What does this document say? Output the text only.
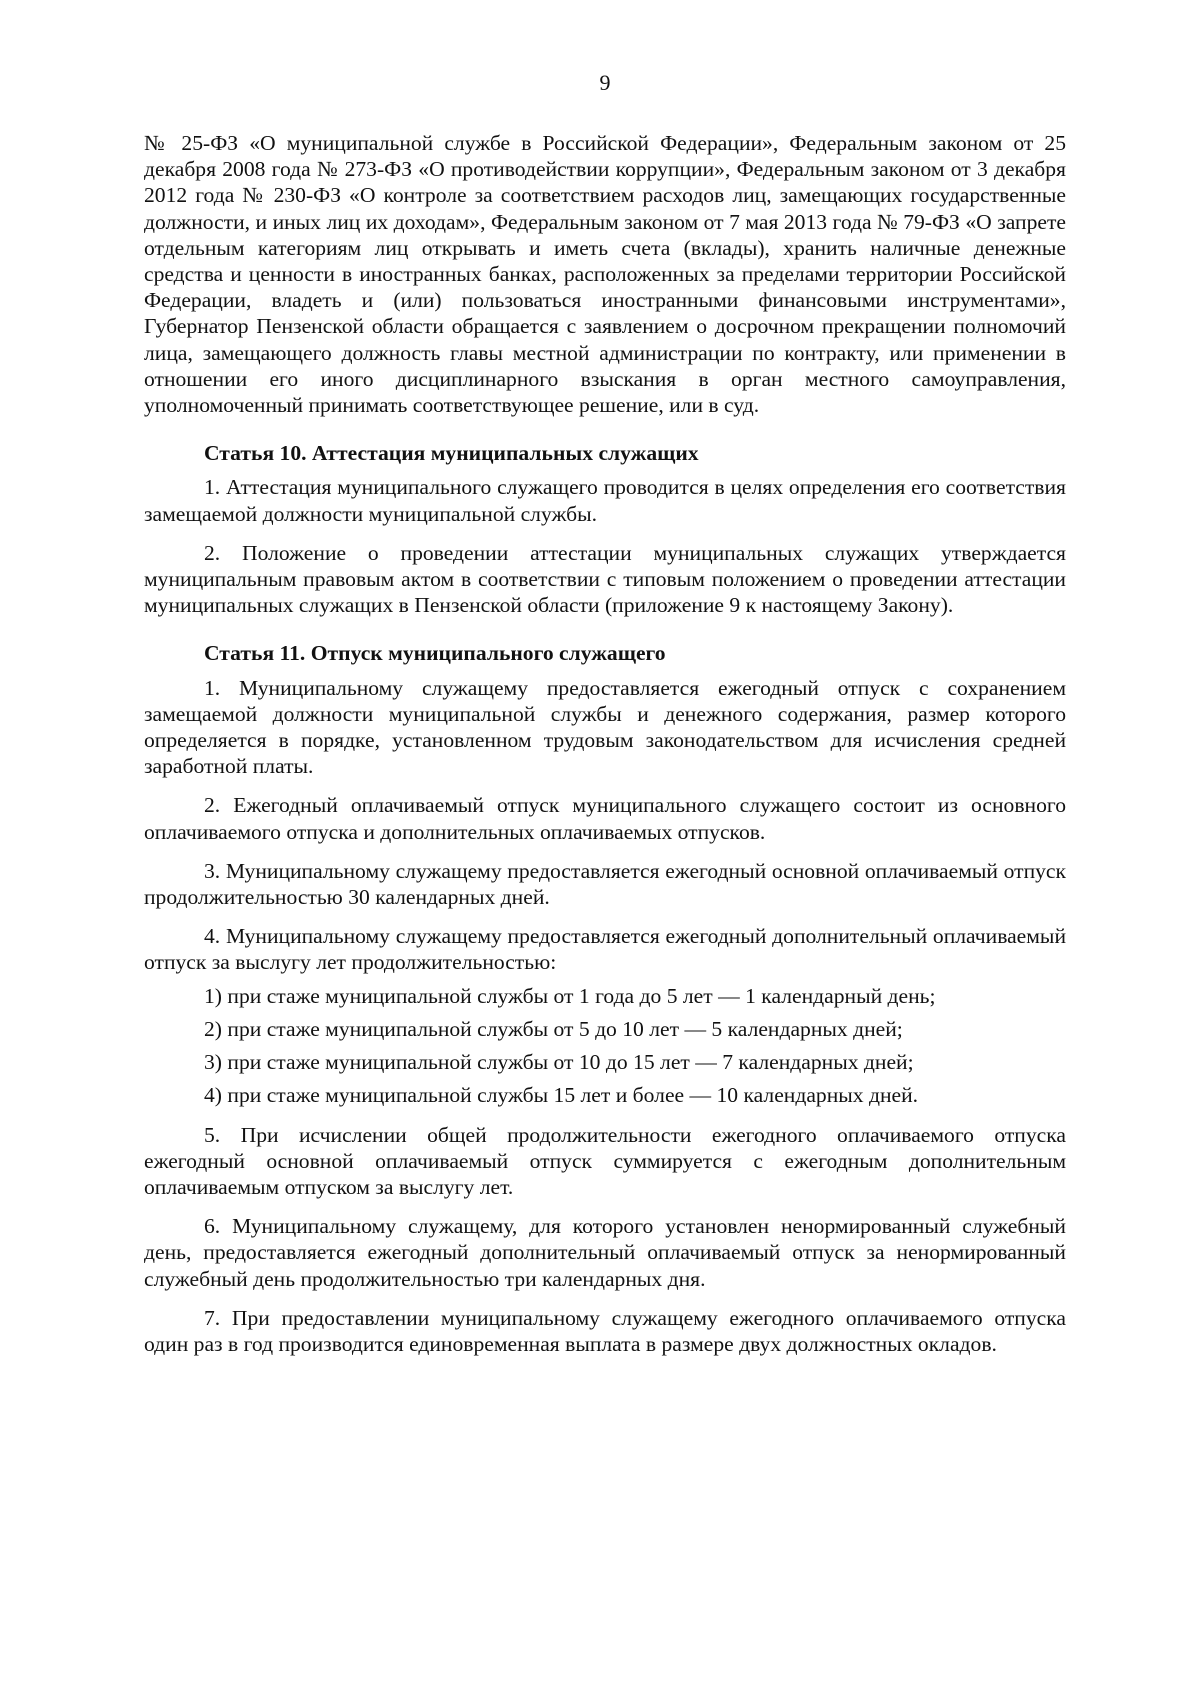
9

№ 25-ФЗ «О муниципальной службе в Российской Федерации», Федеральным законом от 25 декабря 2008 года № 273-ФЗ «О противодействии коррупции», Федеральным законом от 3 декабря 2012 года № 230-ФЗ «О контроле за соответствием расходов лиц, замещающих государственные должности, и иных лиц их доходам», Федеральным законом от 7 мая 2013 года № 79-ФЗ «О запрете отдельным категориям лиц открывать и иметь счета (вклады), хранить наличные денежные средства и ценности в иностранных банках, расположенных за пределами территории Российской Федерации, владеть и (или) пользоваться иностранными финансовыми инструментами», Губернатор Пензенской области обращается с заявлением о досрочном прекращении полномочий лица, замещающего должность главы местной администрации по контракту, или применении в отношении его иного дисциплинарного взыскания в орган местного самоуправления, уполномоченный принимать соответствующее решение, или в суд.

Статья 10. Аттестация муниципальных служащих

1. Аттестация муниципального служащего проводится в целях определения его соответствия замещаемой должности муниципальной службы.

2. Положение о проведении аттестации муниципальных служащих утверждается муниципальным правовым актом в соответствии с типовым положением о проведении аттестации муниципальных служащих в Пензенской области (приложение 9 к настоящему Закону).

Статья 11. Отпуск муниципального служащего

1. Муниципальному служащему предоставляется ежегодный отпуск с сохранением замещаемой должности муниципальной службы и денежного содержания, размер которого определяется в порядке, установленном трудовым законодательством для исчисления средней заработной платы.

2. Ежегодный оплачиваемый отпуск муниципального служащего состоит из основного оплачиваемого отпуска и дополнительных оплачиваемых отпусков.

3. Муниципальному служащему предоставляется ежегодный основной оплачиваемый отпуск продолжительностью 30 календарных дней.

4. Муниципальному служащему предоставляется ежегодный дополнительный оплачиваемый отпуск за выслугу лет продолжительностью:

1) при стаже муниципальной службы от 1 года до 5 лет — 1 календарный день;
2) при стаже муниципальной службы от 5 до 10 лет — 5 календарных дней;
3) при стаже муниципальной службы от 10 до 15 лет — 7 календарных дней;
4) при стаже муниципальной службы 15 лет и более — 10 календарных дней.

5. При исчислении общей продолжительности ежегодного оплачиваемого отпуска ежегодный основной оплачиваемый отпуск суммируется с ежегодным дополнительным оплачиваемым отпуском за выслугу лет.

6. Муниципальному служащему, для которого установлен ненормированный служебный день, предоставляется ежегодный дополнительный оплачиваемый отпуск за ненормированный служебный день продолжительностью три календарных дня.

7. При предоставлении муниципальному служащему ежегодного оплачиваемого отпуска один раз в год производится единовременная выплата в размере двух должностных окладов.
